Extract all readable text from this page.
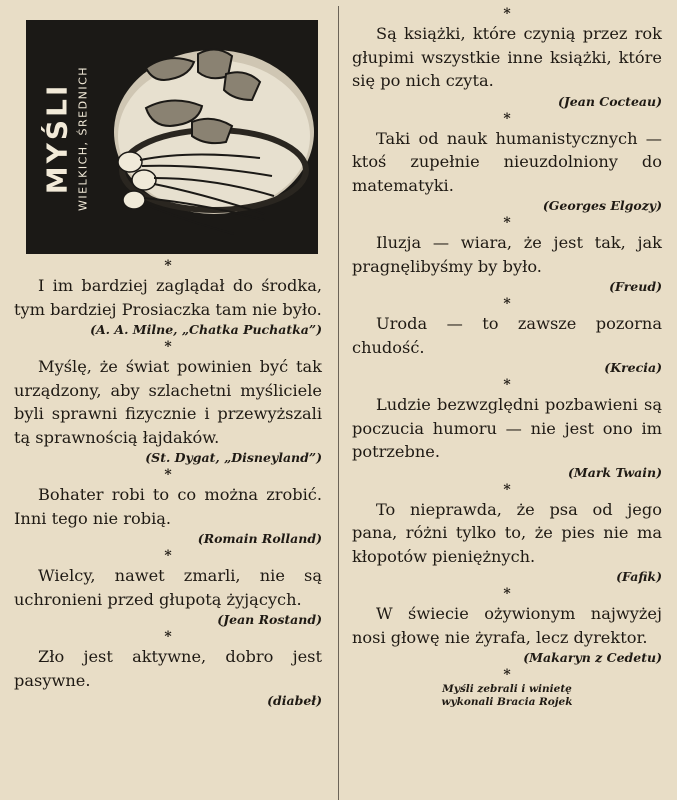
MYŚLI WIELKICH, ŚREDNICH
*

I im bardziej zaglądał do środka, tym bardziej Prosiaczka tam nie było.

(A. A. Milne, „Chatka Puchatka”)

*

Myślę, że świat powinien być tak urządzony, aby szlachetni myśliciele byli sprawni fizycznie i przewyższali tą sprawnością łajdaków.

(St. Dygat, „Disneyland”)

*

Bohater robi to co można zrobić. Inni tego nie robią.

(Romain Rolland)

*

Wielcy, nawet zmarli, nie są uchronieni przed głupotą żyjących.

(Jean Rostand)

*

Zło jest aktywne, dobro jest pasywne.

(diabeł)

*

Są książki, które czynią przez rok głupimi wszystkie inne książki, które się po nich czyta.

(Jean Cocteau)

*

Taki od nauk humanistycznych — ktoś zupełnie nieuzdolniony do matematyki.

(Georges Elgozy)

*

Iluzja — wiara, że jest tak, jak pragnęlibyśmy by było.

(Freud)

*

Uroda — to zawsze pozorna chudość.

(Krecia)

*

Ludzie bezwzględni pozbawieni są poczucia humoru — nie jest ono im potrzebne.

(Mark Twain)

*

To nieprawda, że psa od jego pana, różni tylko to, że pies nie ma kłopotów pieniężnych.

(Fafik)

*

W świecie ożywionym najwyżej nosi głowę nie żyrafa, lecz dyrektor.

(Makaryn z Cedetu)

*
Myśli zebrali i winietę
wykonali Bracia Rojek
